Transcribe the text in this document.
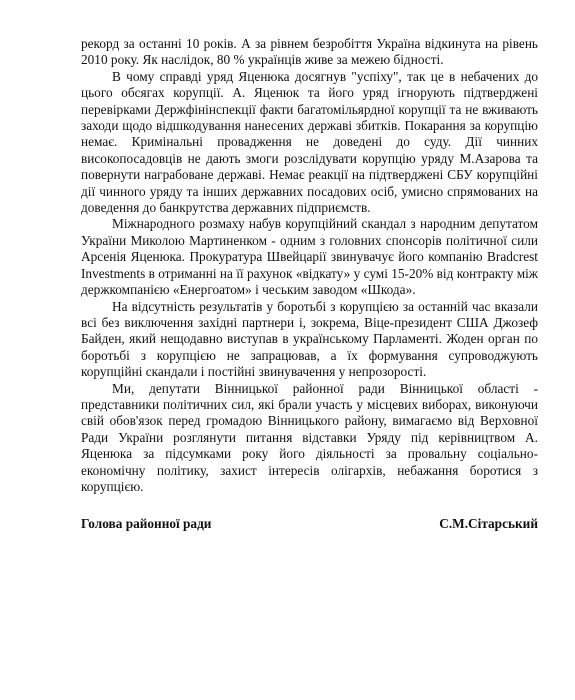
рекорд за останні 10 років. А за рівнем безробіття Україна відкинута на рівень 2010 року. Як наслідок, 80 % українців живе за межею бідності.

В чому справді уряд Яценюка досягнув "успіху", так це в небачених до цього обсягах корупції. А. Яценюк та його уряд ігнорують підтверджені перевірками Держфінінспекції факти багатомільярдної корупції та не вживають заходи щодо відшкодування нанесених державі збитків. Покарання за корупцію немає. Кримінальні провадження не доведені до суду. Дії чинних високопосадовців не дають змоги розслідувати корупцію уряду М.Азарова та повернути награбоване державі. Немає реакції на підтверджені СБУ корупційні дії чинного уряду та інших державних посадових осіб, умисно спрямованих на доведення до банкрутства державних підприємств.

Міжнародного розмаху набув корупційний скандал з народним депутатом України Миколою Мартиненком - одним з головних спонсорів політичної сили Арсенія Яценюка. Прокуратура Швейцарії звинувачує його компанію Bradcrest Investments в отриманні на її рахунок «відкату» у сумі 15-20% від контракту між держкомпанією «Енергоатом» і чеським заводом «Шкода».

На відсутність результатів у боротьбі з корупцією за останній час вказали всі без виключення західні партнери і, зокрема, Віце-президент США Джозеф Байден, який нещодавно виступав в українському Парламенті. Жоден орган по боротьбі з корупцією не запрацював, а їх формування супроводжують корупційні скандали і постійні звинувачення у непрозорості.

Ми, депутати Вінницької районної ради Вінницької області - представники політичних сил, які брали участь у місцевих виборах, виконуючи свій обов'язок перед громадою Вінницького району, вимагаємо від Верховної Ради України розглянути питання відставки Уряду під керівництвом А. Яценюка за підсумками року його діяльності за провальну соціально-економічну політику, захист інтересів олігархів, небажання боротися з корупцією.

Голова районної ради	С.М.Сітарський
